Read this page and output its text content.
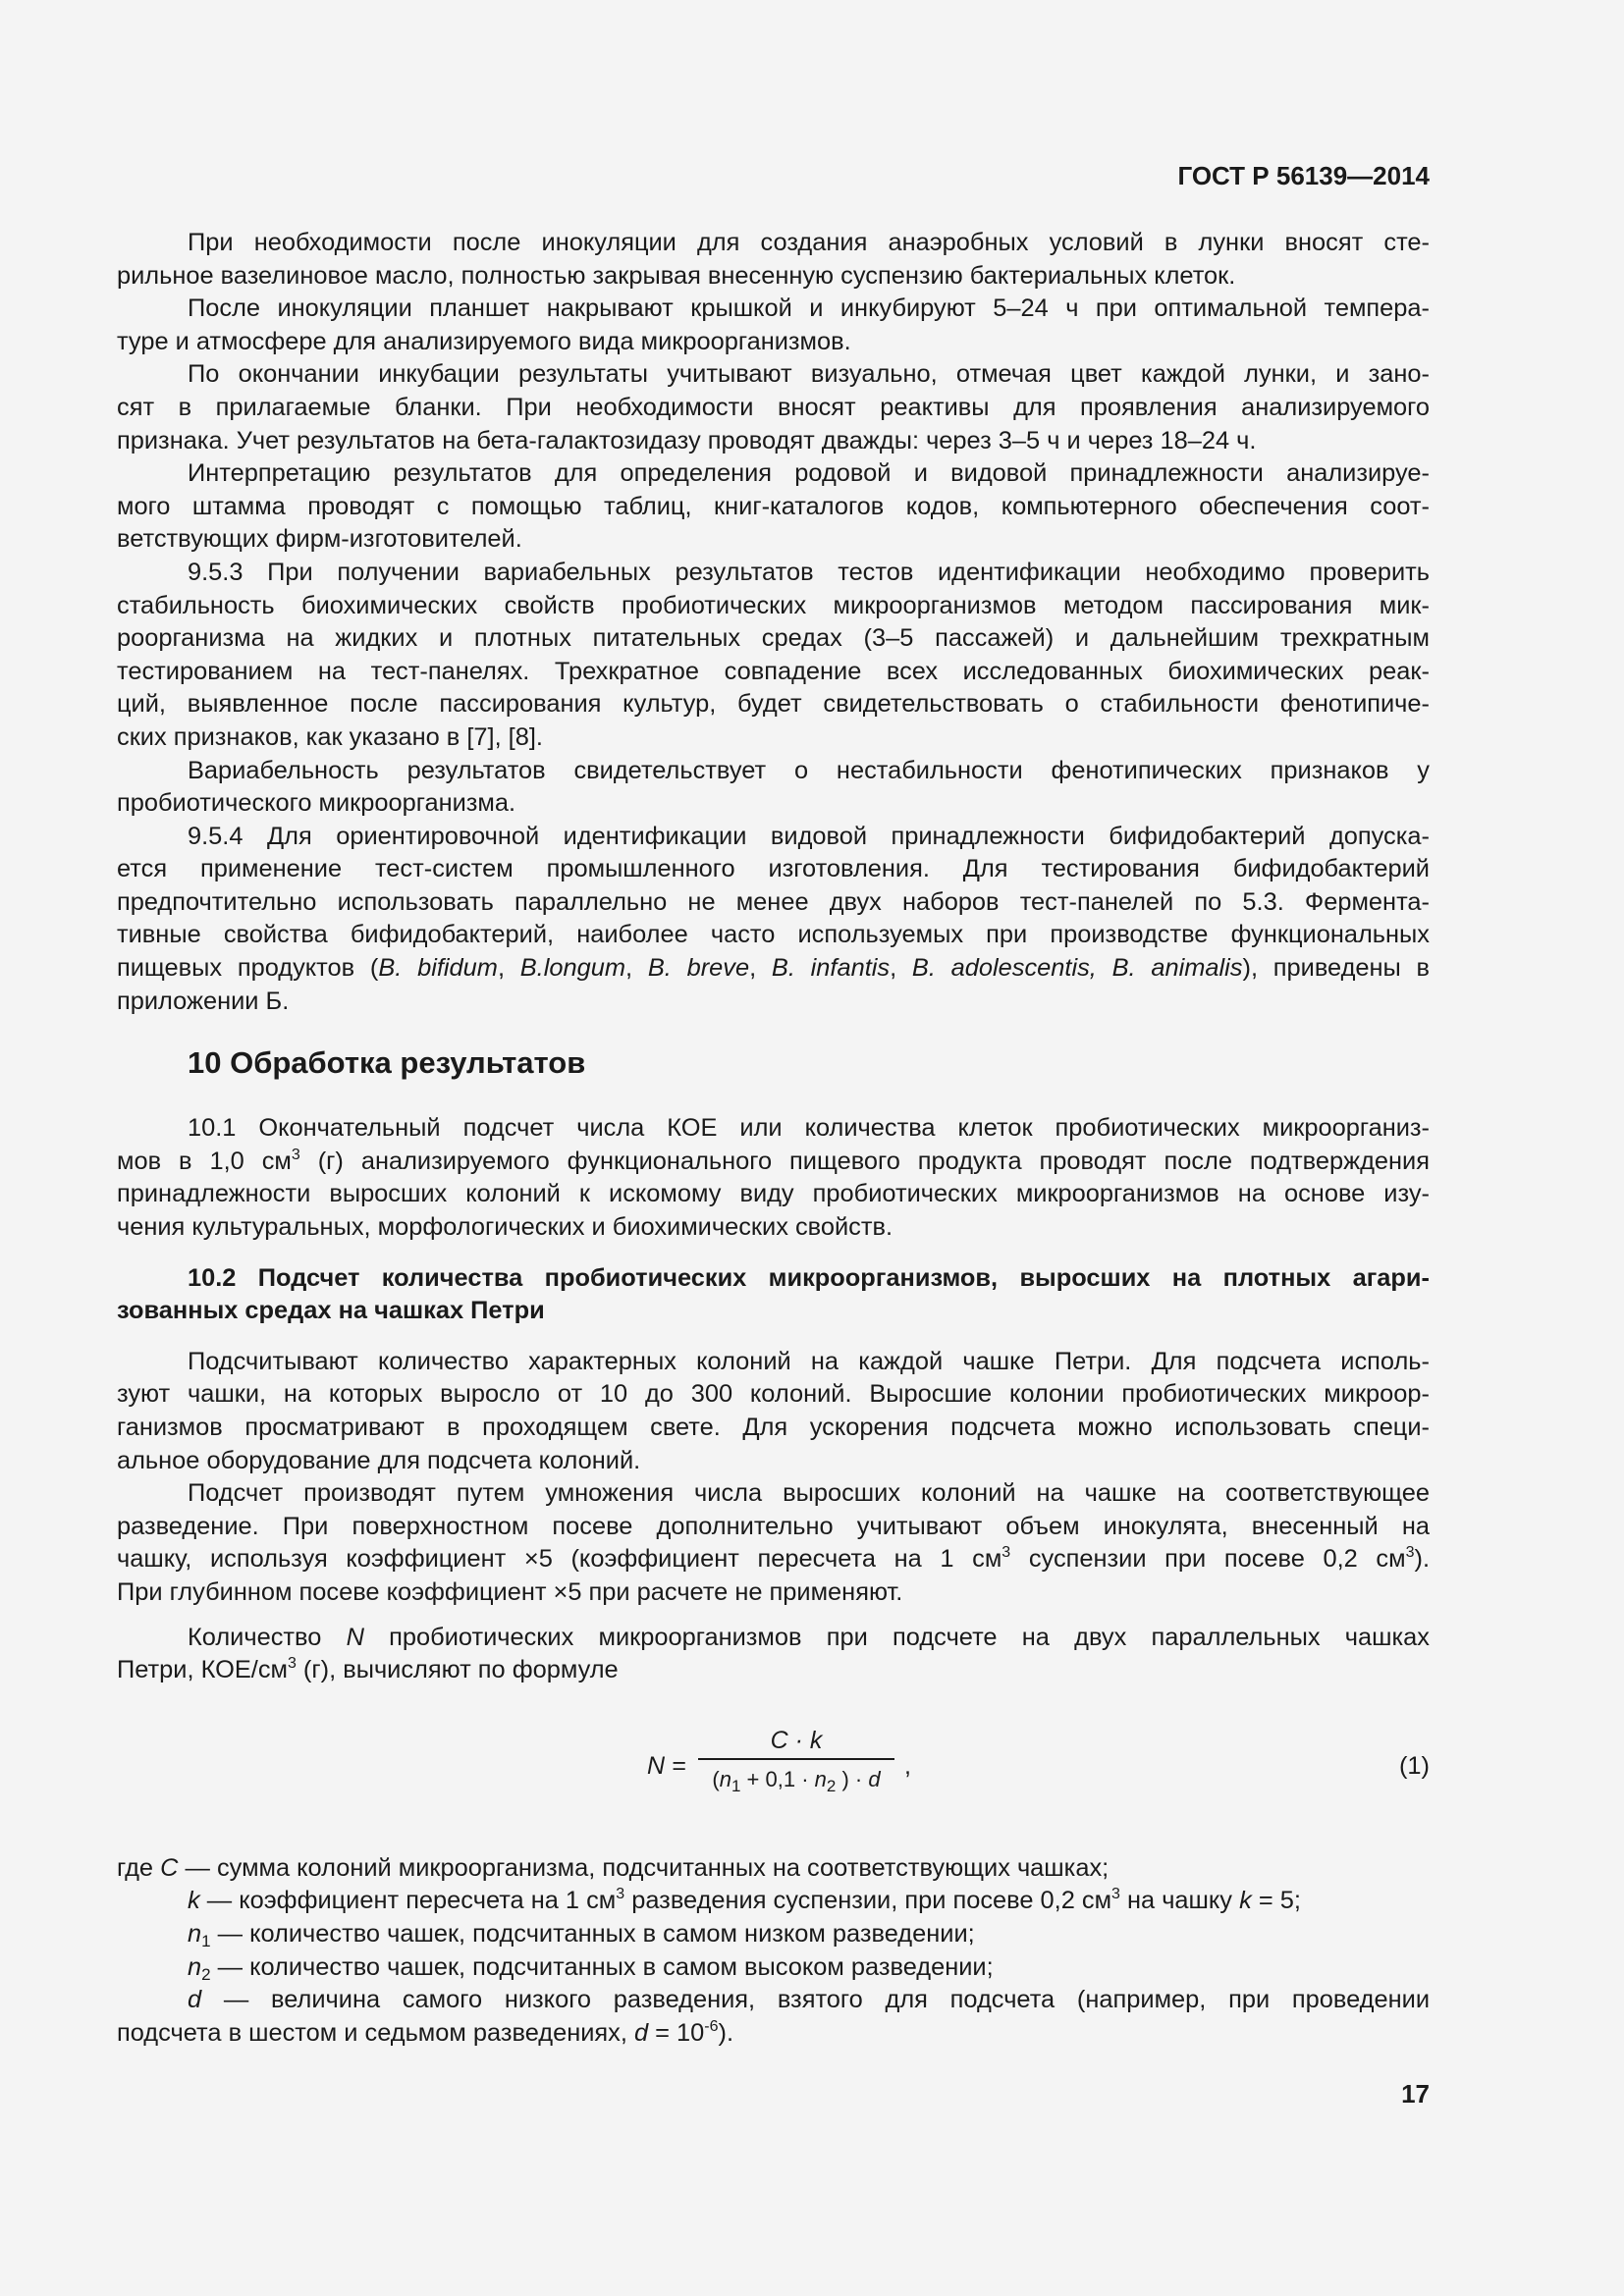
ГОСТ Р 56139—2014

При необходимости после инокуляции для создания анаэробных условий в лунки вносят сте-
рильное вазелиновое масло, полностью закрывая внесенную суспензию бактериальных клеток.

После инокуляции планшет накрывают крышкой и инкубируют 5–24 ч при оптимальной темпера-
туре и атмосфере для анализируемого вида микроорганизмов.

По окончании инкубации результаты учитывают визуально, отмечая цвет каждой лунки, и зано-
сят в прилагаемые бланки. При необходимости вносят реактивы для проявления анализируемого
признака. Учет результатов на бета-галактозидазу проводят дважды: через 3–5 ч и через 18–24 ч.

Интерпретацию результатов для определения родовой и видовой принадлежности анализируе-
мого штамма проводят с помощью таблиц, книг-каталогов кодов, компьютерного обеспечения соот-
ветствующих фирм-изготовителей.

9.5.3 При получении вариабельных результатов тестов идентификации необходимо проверить
стабильность биохимических свойств пробиотических микроорганизмов методом пассирования мик-
роорганизма на жидких и плотных питательных средах (3–5 пассажей) и дальнейшим трехкратным
тестированием на тест-панелях. Трехкратное совпадение всех исследованных биохимических реак-
ций, выявленное после пассирования культур, будет свидетельствовать о стабильности фенотипиче-
ских признаков, как указано в [7], [8].

Вариабельность результатов свидетельствует о нестабильности фенотипических признаков у
пробиотического микроорганизма.

9.5.4 Для ориентировочной идентификации видовой принадлежности бифидобактерий допуска-
ется применение тест-систем промышленного изготовления. Для тестирования бифидобактерий
предпочтительно использовать параллельно не менее двух наборов тест-панелей по 5.3. Фермента-
тивные свойства бифидобактерий, наиболее часто используемых при производстве функциональных
пищевых продуктов (B. bifidum, B.longum, B. breve, B. infantis, B. adolescentis, B. animalis), приведены в
приложении Б.

10 Обработка результатов

10.1 Окончательный подсчет числа КОЕ или количества клеток пробиотических микроорганиз-
мов в 1,0 $см^3$ (г) анализируемого функционального пищевого продукта проводят после подтверждения
принадлежности выросших колоний к искомому виду пробиотических микроорганизмов на основе изу-
чения культуральных, морфологических и биохимических свойств.

10.2 Подсчет количества пробиотических микроорганизмов, выросших на плотных агари-
зованных средах на чашках Петри

Подсчитывают количество характерных колоний на каждой чашке Петри. Для подсчета исполь-
зуют чашки, на которых выросло от 10 до 300 колоний. Выросшие колонии пробиотических микроор-
ганизмов просматривают в проходящем свете. Для ускорения подсчета можно использовать специ-
альное оборудование для подсчета колоний.

Подсчет производят путем умножения числа выросших колоний на чашке на соответствующее
разведение. При поверхностном посеве дополнительно учитывают объем инокулята, внесенный на
чашку, используя коэффициент ×5 (коэффициент пересчета на 1 $см^3$ суспензии при посеве 0,2 $см^3$).
При глубинном посеве коэффициент ×5 при расчете не применяют.

Количество N пробиотических микроорганизмов при подсчете на двух параллельных чашках
Петри, КОЕ/$см^3$ (г), вычисляют по формуле

N =
C · k
($n_1 + 0,1 \cdot n_2$ ) · d ,	(1)
где C — сумма колоний микроорганизма, подсчитанных на соответствующих чашках;
k — коэффициент пересчета на 1 $см^3$ разведения суспензии, при посеве 0,2 $см^3$ на чашку k = 5;
$n_1$ — количество чашек, подсчитанных в самом низком разведении;
$n_2$ — количество чашек, подсчитанных в самом высоком разведении;
d — величина самого низкого разведения, взятого для подсчета (например, при проведении
подсчета в шестом и седьмом разведениях, $d = 10^{-6}$).
17
